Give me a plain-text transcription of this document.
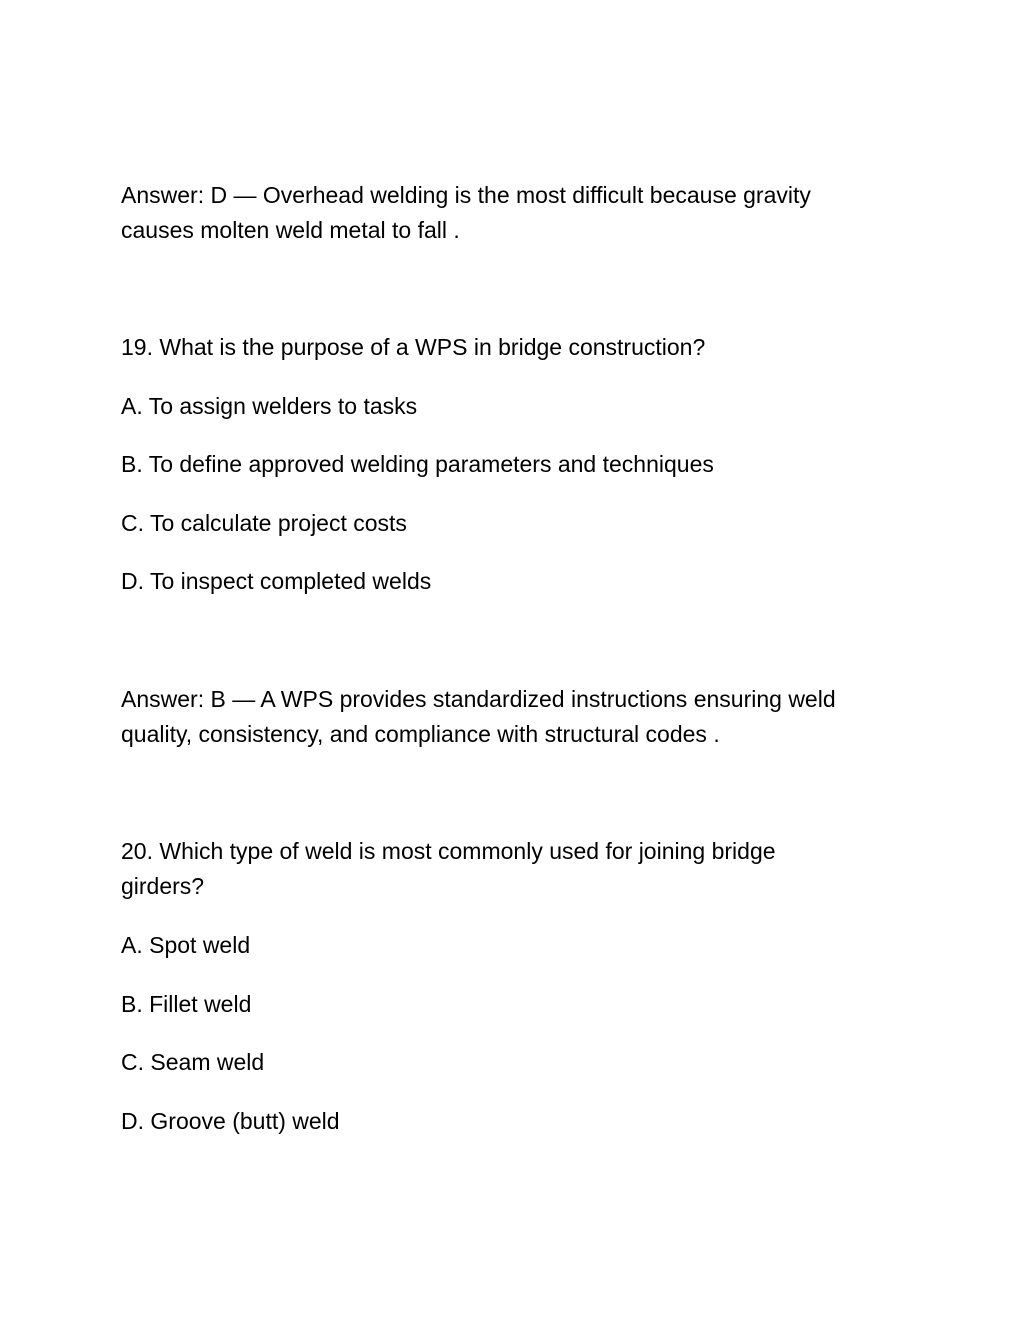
Answer: D — Overhead welding is the most difficult because gravity
causes molten weld metal to fall .

19. What is the purpose of a WPS in bridge construction?

A. To assign welders to tasks

B. To define approved welding parameters and techniques

C. To calculate project costs

D. To inspect completed welds

Answer: B — A WPS provides standardized instructions ensuring weld
quality, consistency, and compliance with structural codes .

20. Which type of weld is most commonly used for joining bridge
girders?

A. Spot weld

B. Fillet weld

C. Seam weld

D. Groove (butt) weld
